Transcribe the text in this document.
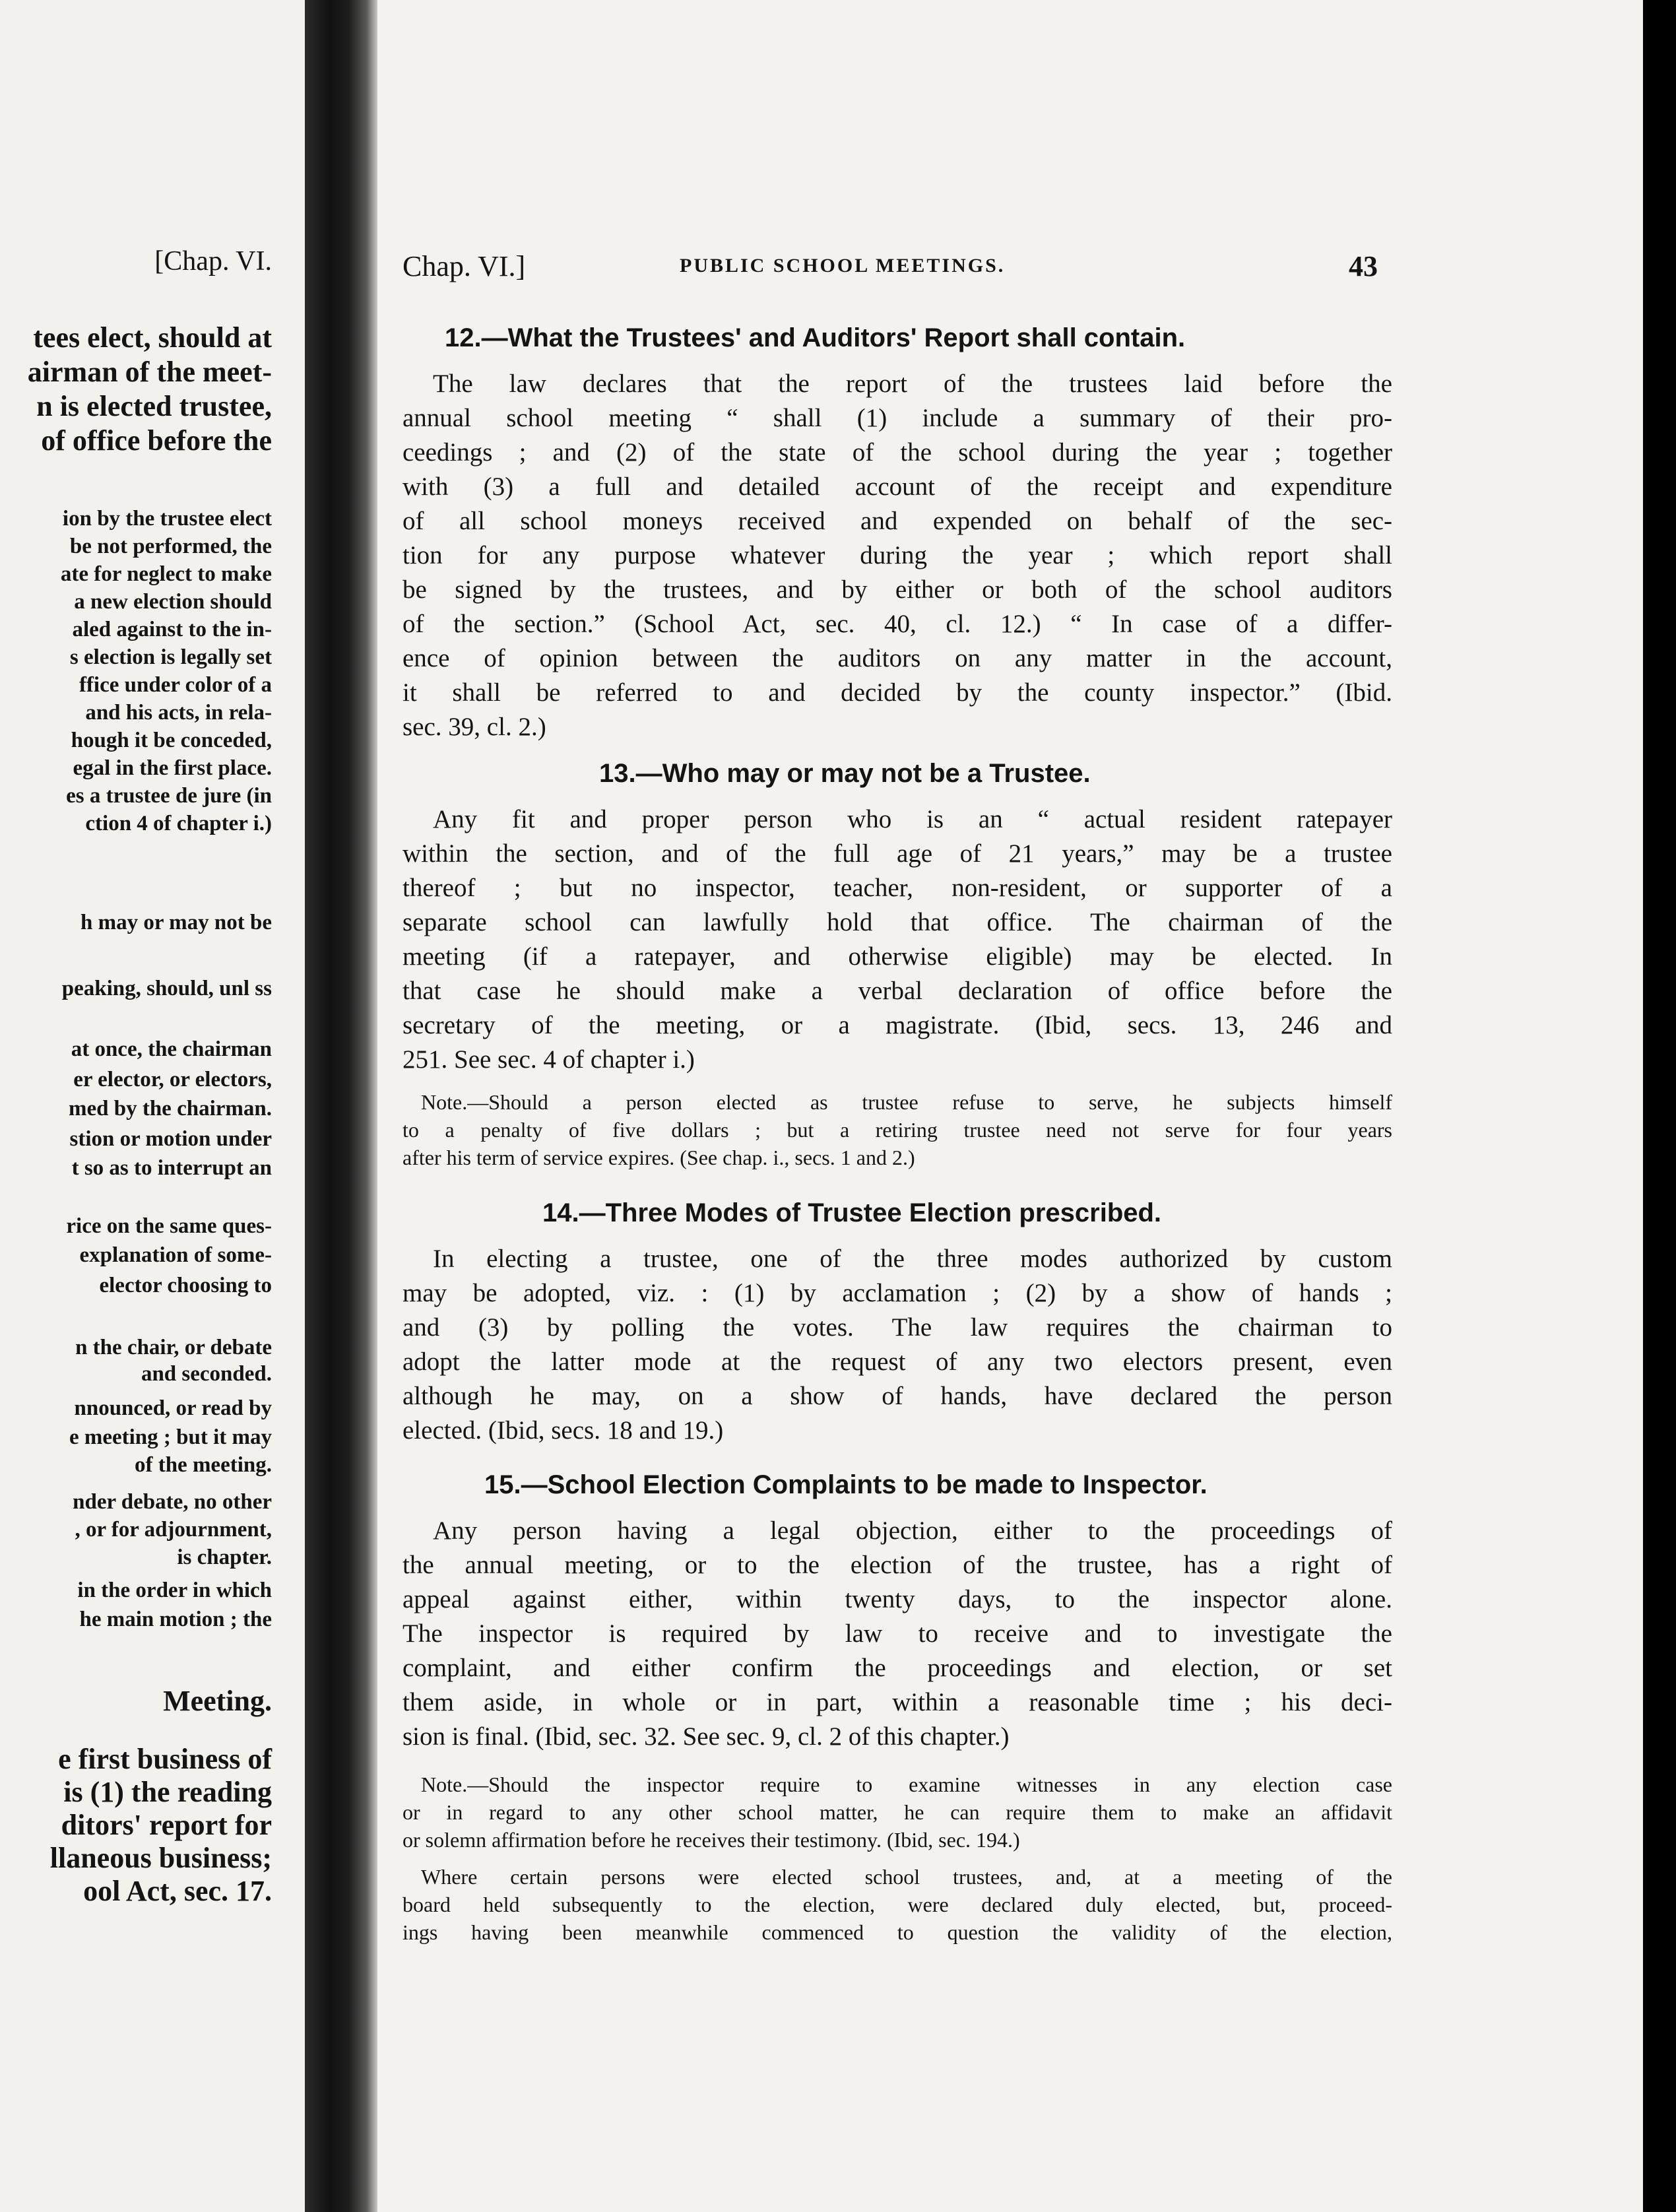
[Chap. VI.
tees elect, should at
airman of the meet-
n is elected trustee,
of office before the
ion by the trustee elect
be not performed, the
ate for neglect to make
a new election should
aled against to the in-
s election is legally set
ffice under color of a
and his acts, in rela-
hough it be conceded,
egal in the first place.
es a trustee de jure (in
ction 4 of chapter i.)
h may or may not be
peaking, should, unl ss
at once, the chairman
er elector, or electors,
med by the chairman.
stion or motion under
t so as to interrupt an
rice on the same ques-
explanation of some-
elector choosing to
n the chair, or debate
and seconded.
nnounced, or read by
e meeting ; but it may
of the meeting.
nder debate, no other
, or for adjournment,
is chapter.
in the order in which
he main motion ; the
Meeting.
e first business of
is (1) the reading
ditors' report for
llaneous business;
ool Act, sec. 17.
Chap. VI.]	PUBLIC SCHOOL MEETINGS.	43
12.—What the Trustees' and Auditors' Report shall contain.
The law declares that the report of the trustees laid before the
annual school meeting “ shall (1) include a summary of their pro-
ceedings ; and (2) of the state of the school during the year ; together
with (3) a full and detailed account of the receipt and expenditure
of all school moneys received and expended on behalf of the sec-
tion for any purpose whatever during the year ; which report shall
be signed by the trustees, and by either or both of the school auditors
of the section.” (School Act, sec. 40, cl. 12.) “ In case of a differ-
ence of opinion between the auditors on any matter in the account,
it shall be referred to and decided by the county inspector.” (Ibid.
sec. 39, cl. 2.)
13.—Who may or may not be a Trustee.
Any fit and proper person who is an “ actual resident ratepayer
within the section, and of the full age of 21 years,” may be a trustee
thereof ; but no inspector, teacher, non-resident, or supporter of a
separate school can lawfully hold that office. The chairman of the
meeting (if a ratepayer, and otherwise eligible) may be elected. In
that case he should make a verbal declaration of office before the
secretary of the meeting, or a magistrate. (Ibid, secs. 13, 246 and
251. See sec. 4 of chapter i.)
Note.—Should a person elected as trustee refuse to serve, he subjects himself
to a penalty of five dollars ; but a retiring trustee need not serve for four years
after his term of service expires. (See chap. i., secs. 1 and 2.)
14.—Three Modes of Trustee Election prescribed.
In electing a trustee, one of the three modes authorized by custom
may be adopted, viz. : (1) by acclamation ; (2) by a show of hands ;
and (3) by polling the votes. The law requires the chairman to
adopt the latter mode at the request of any two electors present, even
although he may, on a show of hands, have declared the person
elected. (Ibid, secs. 18 and 19.)
15.—School Election Complaints to be made to Inspector.
Any person having a legal objection, either to the proceedings of
the annual meeting, or to the election of the trustee, has a right of
appeal against either, within twenty days, to the inspector alone.
The inspector is required by law to receive and to investigate the
complaint, and either confirm the proceedings and election, or set
them aside, in whole or in part, within a reasonable time ; his deci-
sion is final. (Ibid, sec. 32. See sec. 9, cl. 2 of this chapter.)
Note.—Should the inspector require to examine witnesses in any election case
or in regard to any other school matter, he can require them to make an affidavit
or solemn affirmation before he receives their testimony. (Ibid, sec. 194.)
Where certain persons were elected school trustees, and, at a meeting of the
board held subsequently to the election, were declared duly elected, but, proceed-
ings having been meanwhile commenced to question the validity of the election,
